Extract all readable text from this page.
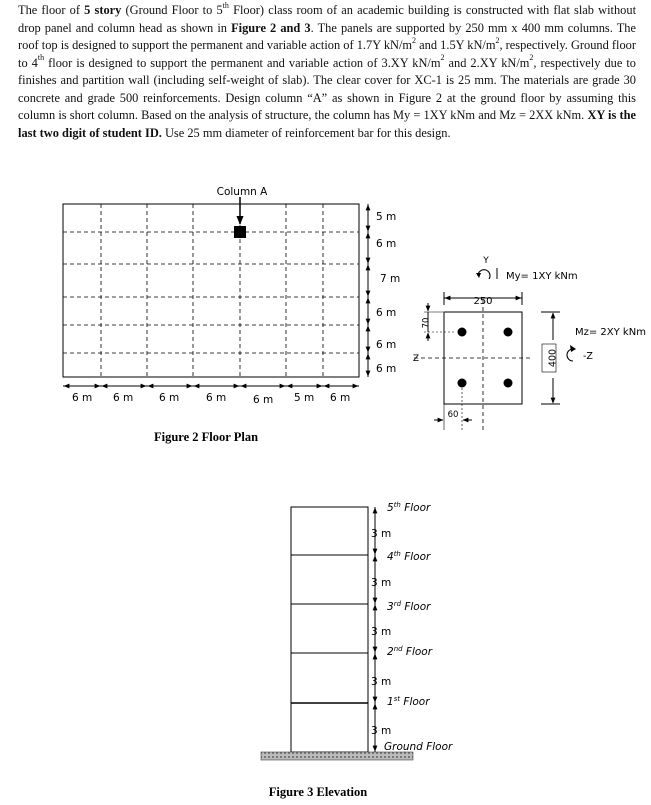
The floor of 5 story (Ground Floor to 5th Floor) class room of an academic building is constructed with flat slab without drop panel and column head as shown in Figure 2 and 3. The panels are supported by 250 mm x 400 mm columns. The roof top is designed to support the permanent and variable action of 1.7Y $kN/m^2$ and 1.5Y $kN/m^2$, respectively. Ground floor to 4th floor is designed to support the permanent and variable action of 3.XY $kN/m^2$ and 2.XY $kN/m^2$, respectively due to finishes and partition wall (including self-weight of slab). The clear cover for XC-1 is 25 mm. The materials are grade 30 concrete and grade 500 reinforcements. Design column “A” as shown in Figure 2 at the ground floor by assuming this column is short column. Based on the analysis of structure, the column has My = 1XY kNm and Mz = 2XX kNm. XY is the last two digit of student ID. Use 25 mm diameter of reinforcement bar for this design.

Column A
5 m
6 m
7 m
6 m
6 m
6 m
6 m 6 m 6 m	6 m	6 m 5 m 6 m
Figure 2 Floor Plan
Y
My= 1XY kNm
250
400
Mz= 2XY kNm
-Z
Z
70
60
3 m
3 m
3 m
3 m
3 m
5th Floor
4th Floor
3rd Floor
2nd Floor
1st Floor
Ground Floor
Figure 3 Elevation
